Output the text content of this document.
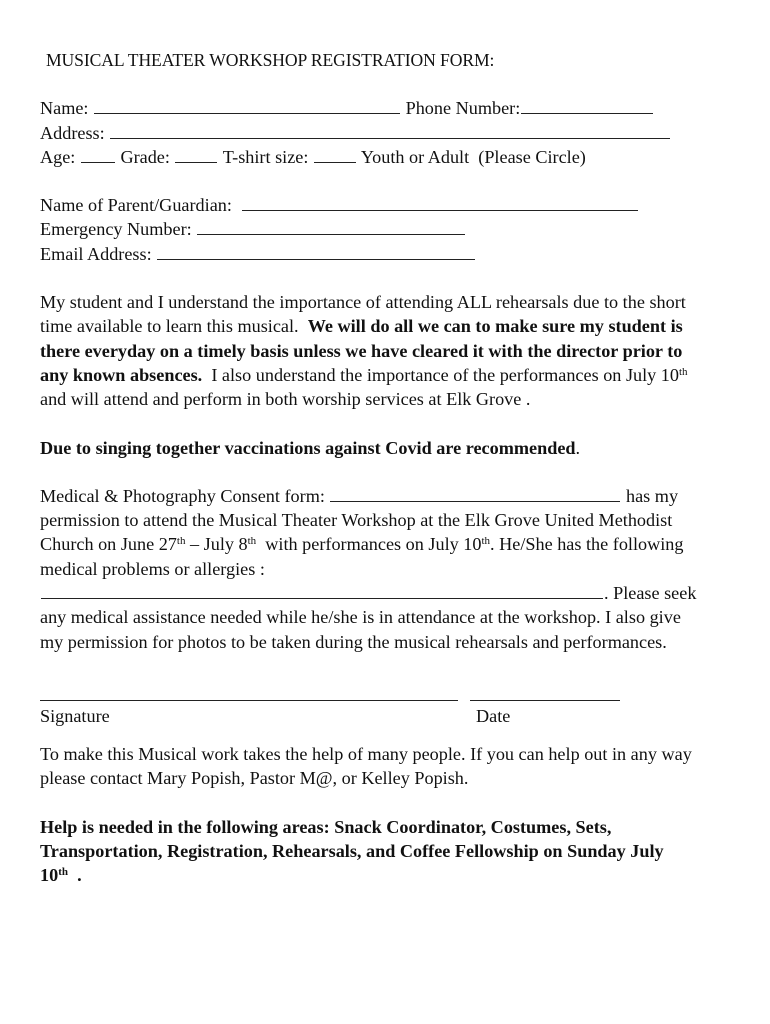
MUSICAL THEATER WORKSHOP REGISTRATION FORM:
Name:	Phone Number:
Address:
Age: Grade:	T-shirt size:	Youth or Adult (Please Circle)
Name of Parent/Guardian:
Emergency Number:
Email Address:
My student and I understand the importance of attending ALL rehearsals due to the short time available to learn this musical. We will do all we can to make sure my student is there everyday on a timely basis unless we have cleared it with the director prior to any known absences. I also understand the importance of the performances on July 10th  and will attend and perform in both worship services at Elk Grove .
Due to singing together vaccinations against Covid are recommended.
Medical & Photography Consent form:	has my permission to attend the Musical Theater Workshop at the Elk Grove United Methodist Church on June 27th – July 8th with performances on July 10th. He/She has the following medical problems or allergies : . Please seek any medical assistance needed while he/she is in attendance at the workshop. I also give my permission for photos to be taken during the musical rehearsals and performances.
Signature	Date
To make this Musical work takes the help of many people. If you can help out in any way please contact Mary Popish, Pastor M@, or Kelley Popish.
Help is needed in the following areas: Snack Coordinator, Costumes, Sets, Transportation, Registration, Rehearsals, and Coffee Fellowship on Sunday July 10th .
